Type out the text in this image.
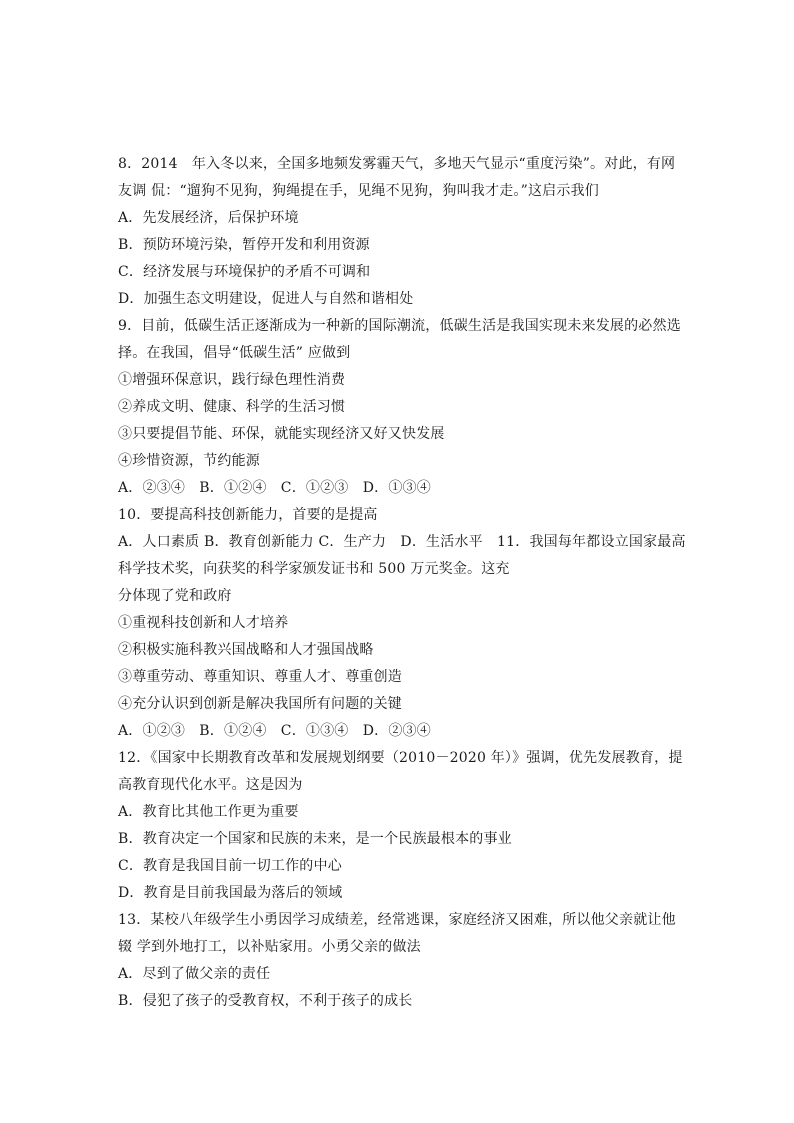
8．2014　年入冬以来，全国多地频发雾霾天气，多地天气显示“重度污染”。对此，有网
友调 侃：“遛狗不见狗，狗绳提在手，见绳不见狗，狗叫我才走。”这启示我们
A．先发展经济，后保护环境
B．预防环境污染，暂停开发和利用资源
C．经济发展与环境保护的矛盾不可调和
D．加强生态文明建设，促进人与自然和谐相处
9．目前，低碳生活正逐渐成为一种新的国际潮流，低碳生活是我国实现未来发展的必然选
择。在我国，倡导“低碳生活” 应做到
①增强环保意识，践行绿色理性消费
②养成文明、健康、科学的生活习惯
③只要提倡节能、环保，就能实现经济又好又快发展
④珍惜资源，节约能源
A．②③④　B．①②④　C．①②③　D．①③④
10．要提高科技创新能力，首要的是提高
A．人口素质 B．教育创新能力 C．生产力　D．生活水平　11．我国每年都设立国家最高
科学技术奖，向获奖的科学家颁发证书和 500 万元奖金。这充
分体现了党和政府
①重视科技创新和人才培养
②积极实施科教兴国战略和人才强国战略
③尊重劳动、尊重知识、尊重人才、尊重创造
④充分认识到创新是解决我国所有问题的关键
A．①②③　B．①②④　C．①③④　D．②③④
12．《国家中长期教育改革和发展规划纲要（2010－2020 年）》强调，优先发展教育，提
高教育现代化水平。这是因为
A．教育比其他工作更为重要
B．教育决定一个国家和民族的未来，是一个民族最根本的事业
C．教育是我国目前一切工作的中心
D．教育是目前我国最为落后的领域
13．某校八年级学生小勇因学习成绩差，经常逃课，家庭经济又困难，所以他父亲就让他
辍 学到外地打工，以补贴家用。小勇父亲的做法
A．尽到了做父亲的责任
B．侵犯了孩子的受教育权，不利于孩子的成长
